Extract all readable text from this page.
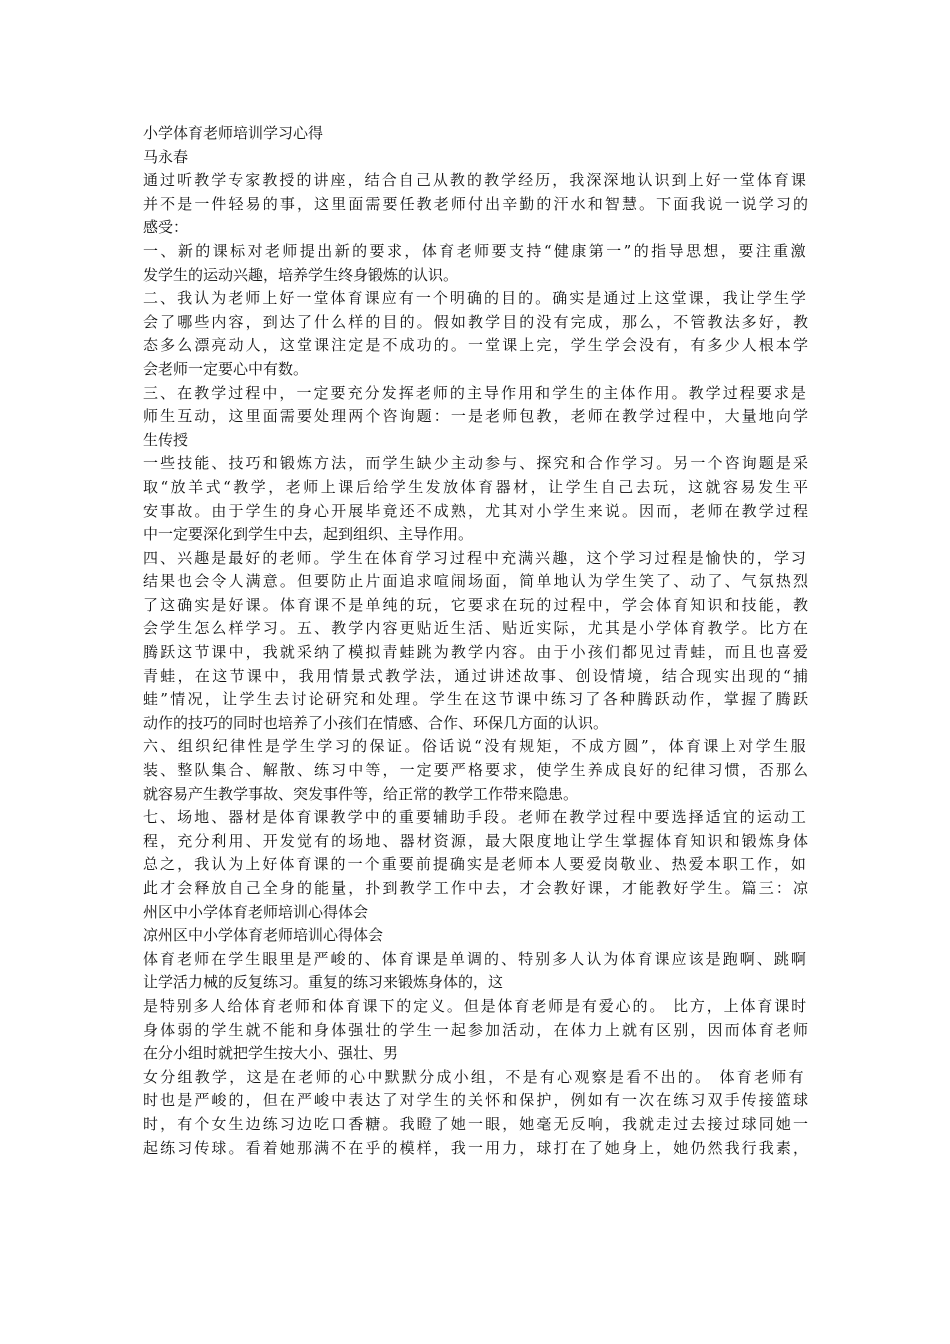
小学体育老师培训学习心得
马永春
通过听教学专家教授的讲座，结合自己从教的教学经历，我深深地认识到上好一堂体育课
并不是一件轻易的事，这里面需要任教老师付出辛勤的汗水和智慧。下面我说一说学习的
感受：
一、新的课标对老师提出新的要求，体育老师要支持“健康第一”的指导思想，要注重激
发学生的运动兴趣，培养学生终身锻炼的认识。
二、我认为老师上好一堂体育课应有一个明确的目的。确实是通过上这堂课，我让学生学
会了哪些内容，到达了什么样的目的。假如教学目的没有完成，那么，不管教法多好，教
态多么漂亮动人，这堂课注定是不成功的。一堂课上完，学生学会没有，有多少人根本学
会老师一定要心中有数。
三、在教学过程中，一定要充分发挥老师的主导作用和学生的主体作用。教学过程要求是
师生互动，这里面需要处理两个咨询题：一是老师包教，老师在教学过程中，大量地向学
生传授
一些技能、技巧和锻炼方法，而学生缺少主动参与、探究和合作学习。另一个咨询题是采
取“放羊式“教学，老师上课后给学生发放体育器材，让学生自己去玩，这就容易发生平
安事故。由于学生的身心开展毕竟还不成熟，尤其对小学生来说。因而，老师在教学过程
中一定要深化到学生中去，起到组织、主导作用。
四、兴趣是最好的老师。学生在体育学习过程中充满兴趣，这个学习过程是愉快的，学习
结果也会令人满意。但要防止片面追求喧闹场面，简单地认为学生笑了、动了、气氛热烈
了这确实是好课。体育课不是单纯的玩，它要求在玩的过程中，学会体育知识和技能，教
会学生怎么样学习。五、教学内容更贴近生活、贴近实际，尤其是小学体育教学。比方在
腾跃这节课中，我就采纳了模拟青蛙跳为教学内容。由于小孩们都见过青蛙，而且也喜爱
青蛙，在这节课中，我用情景式教学法，通过讲述故事、创设情境，结合现实出现的“捕
蛙”情况，让学生去讨论研究和处理。学生在这节课中练习了各种腾跃动作，掌握了腾跃
动作的技巧的同时也培养了小孩们在情感、合作、环保几方面的认识。
六、组织纪律性是学生学习的保证。俗话说“没有规矩，不成方圆”，体育课上对学生服
装、整队集合、解散、练习中等，一定要严格要求，使学生养成良好的纪律习惯，否那么
就容易产生教学事故、突发事件等，给正常的教学工作带来隐患。
七、场地、器材是体育课教学中的重要辅助手段。老师在教学过程中要选择适宜的运动工
程，充分利用、开发觉有的场地、器材资源，最大限度地让学生掌握体育知识和锻炼身体
总之，我认为上好体育课的一个重要前提确实是老师本人要爱岗敬业、热爱本职工作，如
此才会释放自己全身的能量，扑到教学工作中去，才会教好课，才能教好学生。篇三：凉
州区中小学体育老师培训心得体会
凉州区中小学体育老师培训心得体会
体育老师在学生眼里是严峻的、体育课是单调的、特别多人认为体育课应该是跑啊、跳啊
让学活力械的反复练习。重复的练习来锻炼身体的，这
是特别多人给体育老师和体育课下的定义。但是体育老师是有爱心的。 比方，上体育课时
身体弱的学生就不能和身体强壮的学生一起参加活动，在体力上就有区别，因而体育老师
在分小组时就把学生按大小、强壮、男
女分组教学，这是在老师的心中默默分成小组，不是有心观察是看不出的。 体育老师有
时也是严峻的，但在严峻中表达了对学生的关怀和保护，例如有一次在练习双手传接篮球
时，有个女生边练习边吃口香糖。我瞪了她一眼，她毫无反响，我就走过去接过球同她一
起练习传球。看着她那满不在乎的模样，我一用力，球打在了她身上，她仍然我行我素，
